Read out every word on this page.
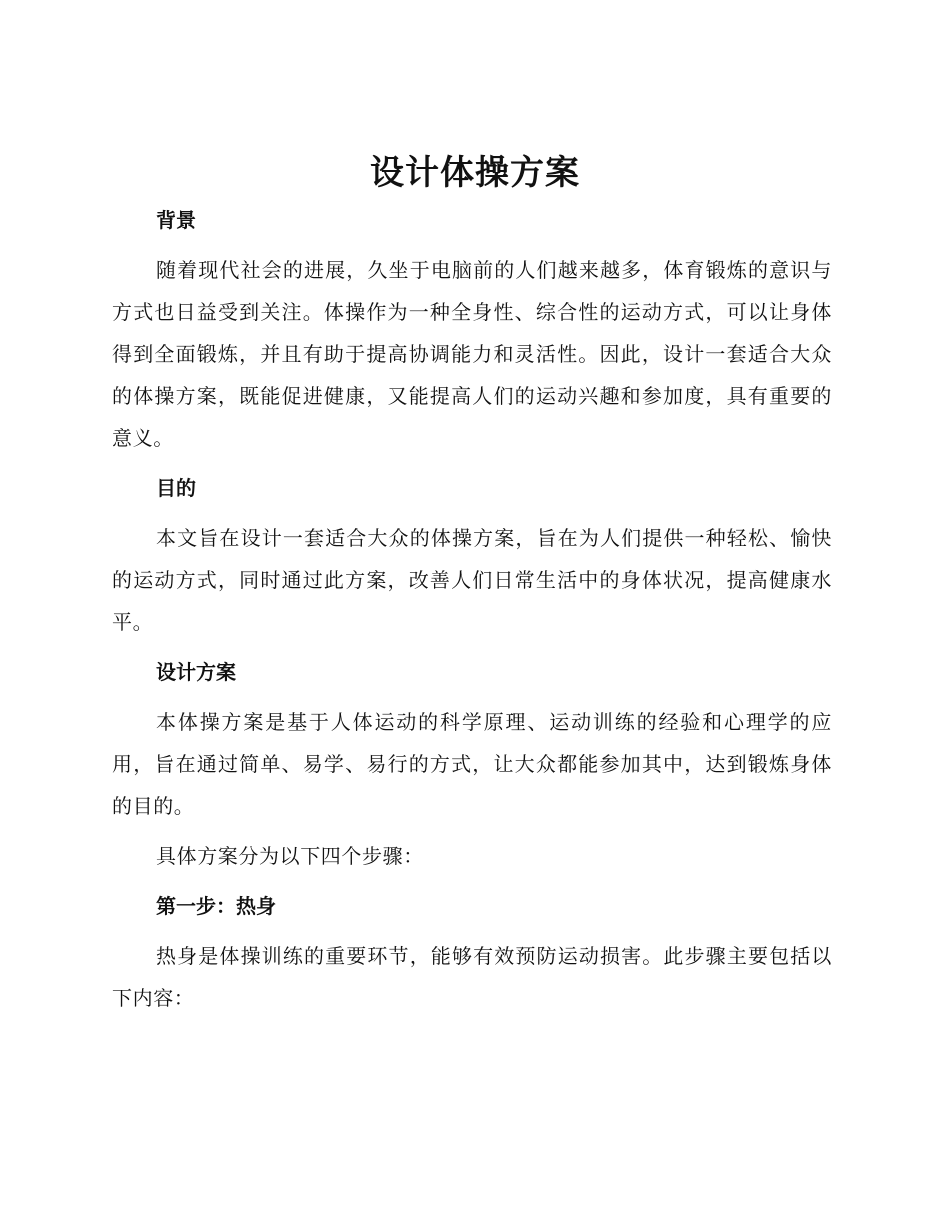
设计体操方案

背景

随着现代社会的进展，久坐于电脑前的人们越来越多，体育锻炼的意识与方式也日益受到关注。体操作为一种全身性、综合性的运动方式，可以让身体得到全面锻炼，并且有助于提高协调能力和灵活性。因此，设计一套适合大众的体操方案，既能促进健康，又能提高人们的运动兴趣和参加度，具有重要的意义。

目的

本文旨在设计一套适合大众的体操方案，旨在为人们提供一种轻松、愉快的运动方式，同时通过此方案，改善人们日常生活中的身体状况，提高健康水平。

设计方案

本体操方案是基于人体运动的科学原理、运动训练的经验和心理学的应用，旨在通过简单、易学、易行的方式，让大众都能参加其中，达到锻炼身体的目的。

具体方案分为以下四个步骤：

第一步：热身

热身是体操训练的重要环节，能够有效预防运动损害。此步骤主要包括以下内容：
